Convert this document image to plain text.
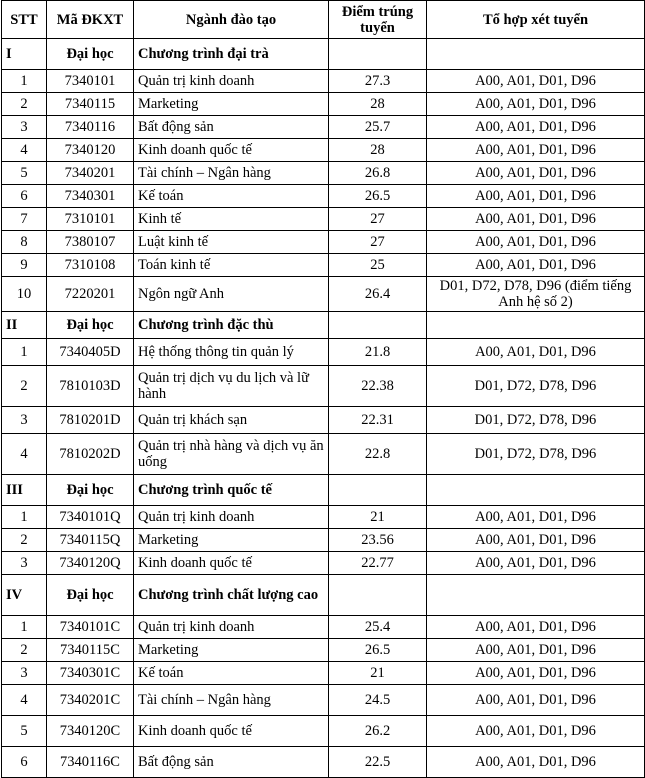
STT	Mã ĐKXT	Ngành đào tạo	Điểm trúng tuyển	Tổ hợp xét tuyển
I	Đại học	Chương trình đại trà		
1	7340101	Quản trị kinh doanh	27.3	A00, A01, D01, D96
2	7340115	Marketing	28	A00, A01, D01, D96
3	7340116	Bất động sản	25.7	A00, A01, D01, D96
4	7340120	Kinh doanh quốc tế	28	A00, A01, D01, D96
5	7340201	Tài chính – Ngân hàng	26.8	A00, A01, D01, D96
6	7340301	Kế toán	26.5	A00, A01, D01, D96
7	7310101	Kinh tế	27	A00, A01, D01, D96
8	7380107	Luật kinh tế	27	A00, A01, D01, D96
9	7310108	Toán kinh tế	25	A00, A01, D01, D96
10	7220201	Ngôn ngữ Anh	26.4	D01, D72, D78, D96 (điểm tiếng Anh hệ số 2)
II	Đại học	Chương trình đặc thù		
1	7340405D	Hệ thống thông tin quản lý	21.8	A00, A01, D01, D96
2	7810103D	Quản trị dịch vụ du lịch và lữ hành	22.38	D01, D72, D78, D96
3	7810201D	Quản trị khách sạn	22.31	D01, D72, D78, D96
4	7810202D	Quản trị nhà hàng và dịch vụ ăn uống	22.8	D01, D72, D78, D96
III	Đại học	Chương trình quốc tế		
1	7340101Q	Quản trị kinh doanh	21	A00, A01, D01, D96
2	7340115Q	Marketing	23.56	A00, A01, D01, D96
3	7340120Q	Kinh doanh quốc tế	22.77	A00, A01, D01, D96
IV	Đại học	Chương trình chất lượng cao		
1	7340101C	Quản trị kinh doanh	25.4	A00, A01, D01, D96
2	7340115C	Marketing	26.5	A00, A01, D01, D96
3	7340301C	Kế toán	21	A00, A01, D01, D96
4	7340201C	Tài chính – Ngân hàng	24.5	A00, A01, D01, D96
5	7340120C	Kinh doanh quốc tế	26.2	A00, A01, D01, D96
6	7340116C	Bất động sản	22.5	A00, A01, D01, D96
